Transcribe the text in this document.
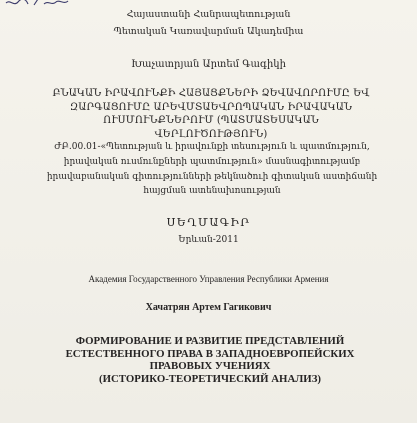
Հայաստանի Հանրապետության
Պետական Կառավարման Ակադեմիա
Խաչատրյան Արտեմ Գագիկի
ԲՆԱԿԱՆ ԻՐԱՎՈՒՆՔԻ ՀԱՅԱՑՔՆԵՐԻ ՁԵՎԱՎՈՐՈՒՄԸ ԵՎ ԶԱՐԳԱՑՈՒՄԸ ԱՐԵՎՄՏԱԵՎՐՈՊԱԿԱՆ ԻՐԱՎԱԿԱՆ ՈՒՍՄՈՒՆՔՆԵՐՈՒՄ (ՊԱՏՄԱՏԵՍԱԿԱՆ ՎԵՐԼՈՒԾՈՒԹՅՈՒՆ)
ԺԲ.00.01-«Պետության և իրավունքի տեսություն և պատմություն, իրավական ուսմունքների պատմություն» մասնագիտությամբ իրավաբանական գիտությունների թեկնածուի գիտական աստիճանի հայցման ատենախոսության
ՍԵՂՄԱԳԻՐ
Երևան-2011
Академия Государственного Управления Республики Армения
Хачатрян Артем Гагикович
ФОРМИРОВАНИЕ И РАЗВИТИЕ ПРЕДСТАВЛЕНИЙ
ЕСТЕСТВЕННОГО ПРАВА В ЗАПАДНОЕВРОПЕЙСКИХ
ПРАВОВЫХ УЧЕНИЯХ
(ИСТОРИКО-ТЕОРЕТИЧЕСКИЙ АНАЛИЗ)
